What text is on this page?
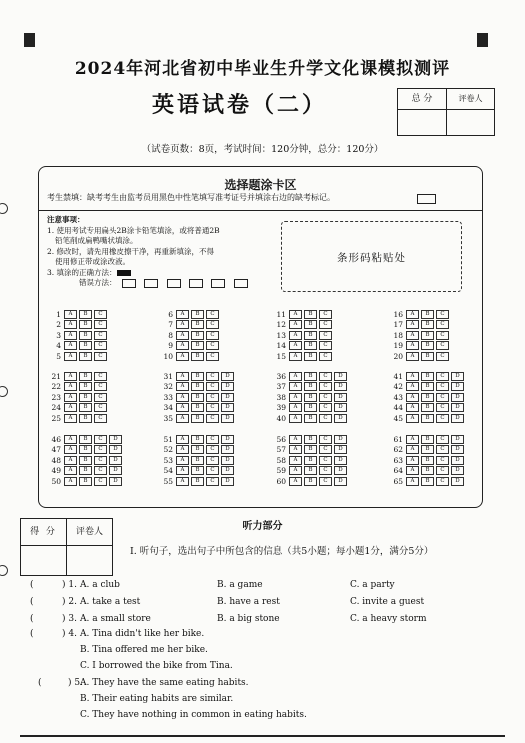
2024年河北省初中毕业生升学文化课模拟测评
英语试卷（二）	总 分	评卷人
（试卷页数：8页，考试时间：120分钟，总分：120分）
选择题涂卡区
考生禁填：缺考考生由监考员用黑色中性笔填写准考证号并填涂右边的缺考标记。
注意事项：
1. 使用考试专用扁头2B涂卡铅笔填涂，或将普通2B
铅笔削成扁鸭嘴状填涂。
2. 修改时，请先用橡皮擦干净，再重新填涂，不得
使用修正带或涂改液。
3. 填涂的正确方法：
错误方法：
条形码粘贴处
1	A	B	C
2	A	B	C
3	A	B	C
4	A	B	C
5	A	B	C
6	A	B	C
7	A	B	C
8	A	B	C
9	A	B	C
10	A	B	C
11	A	B	C
12	A	B	C
13	A	B	C
14	A	B	C
15	A	B	C
16	A	B	C
17	A	B	C
18	A	B	C
19	A	B	C
20	A	B	C
21	A	B	C
22	A	B	C
23	A	B	C
24	A	B	C
25	A	B	C
31	A	B	C	D
32	A	B	C	D
33	A	B	C	D
34	A	B	C	D
35	A	B	C	D
36	A	B	C	D
37	A	B	C	D
38	A	B	C	D
39	A	B	C	D
40	A	B	C	D
41	A	B	C	D
42	A	B	C	D
43	A	B	C	D
44	A	B	C	D
45	A	B	C	D
46	A	B	C	D
47	A	B	C	D
48	A	B	C	D
49	A	B	C	D
50	A	B	C	D
51	A	B	C	D
52	A	B	C	D
53	A	B	C	D
54	A	B	C	D
55	A	B	C	D
56	A	B	C	D
57	A	B	C	D
58	A	B	C	D
59	A	B	C	D
60	A	B	C	D
61	A	B	C	D
62	A	B	C	D
63	A	B	C	D
64	A	B	C	D
65	A	B	C	D
听力部分
得 分	评卷人
Ⅰ. 听句子，选出句子中所包含的信息（共5小题；每小题1分，满分5分）
(	) 1. A. a club	B. a game	C. a party
(	) 2. A. take a test	B. have a rest	C. invite a guest
(	) 3. A. a small store	B. a big stone	C. a heavy storm
(	) 4. A. Tina didn't like her bike.
B. Tina offered me her bike.
C. I borrowed the bike from Tina.
(	) 5.
A. They have the same eating habits.
B. Their eating habits are similar.
C. They have nothing in common in eating habits.
